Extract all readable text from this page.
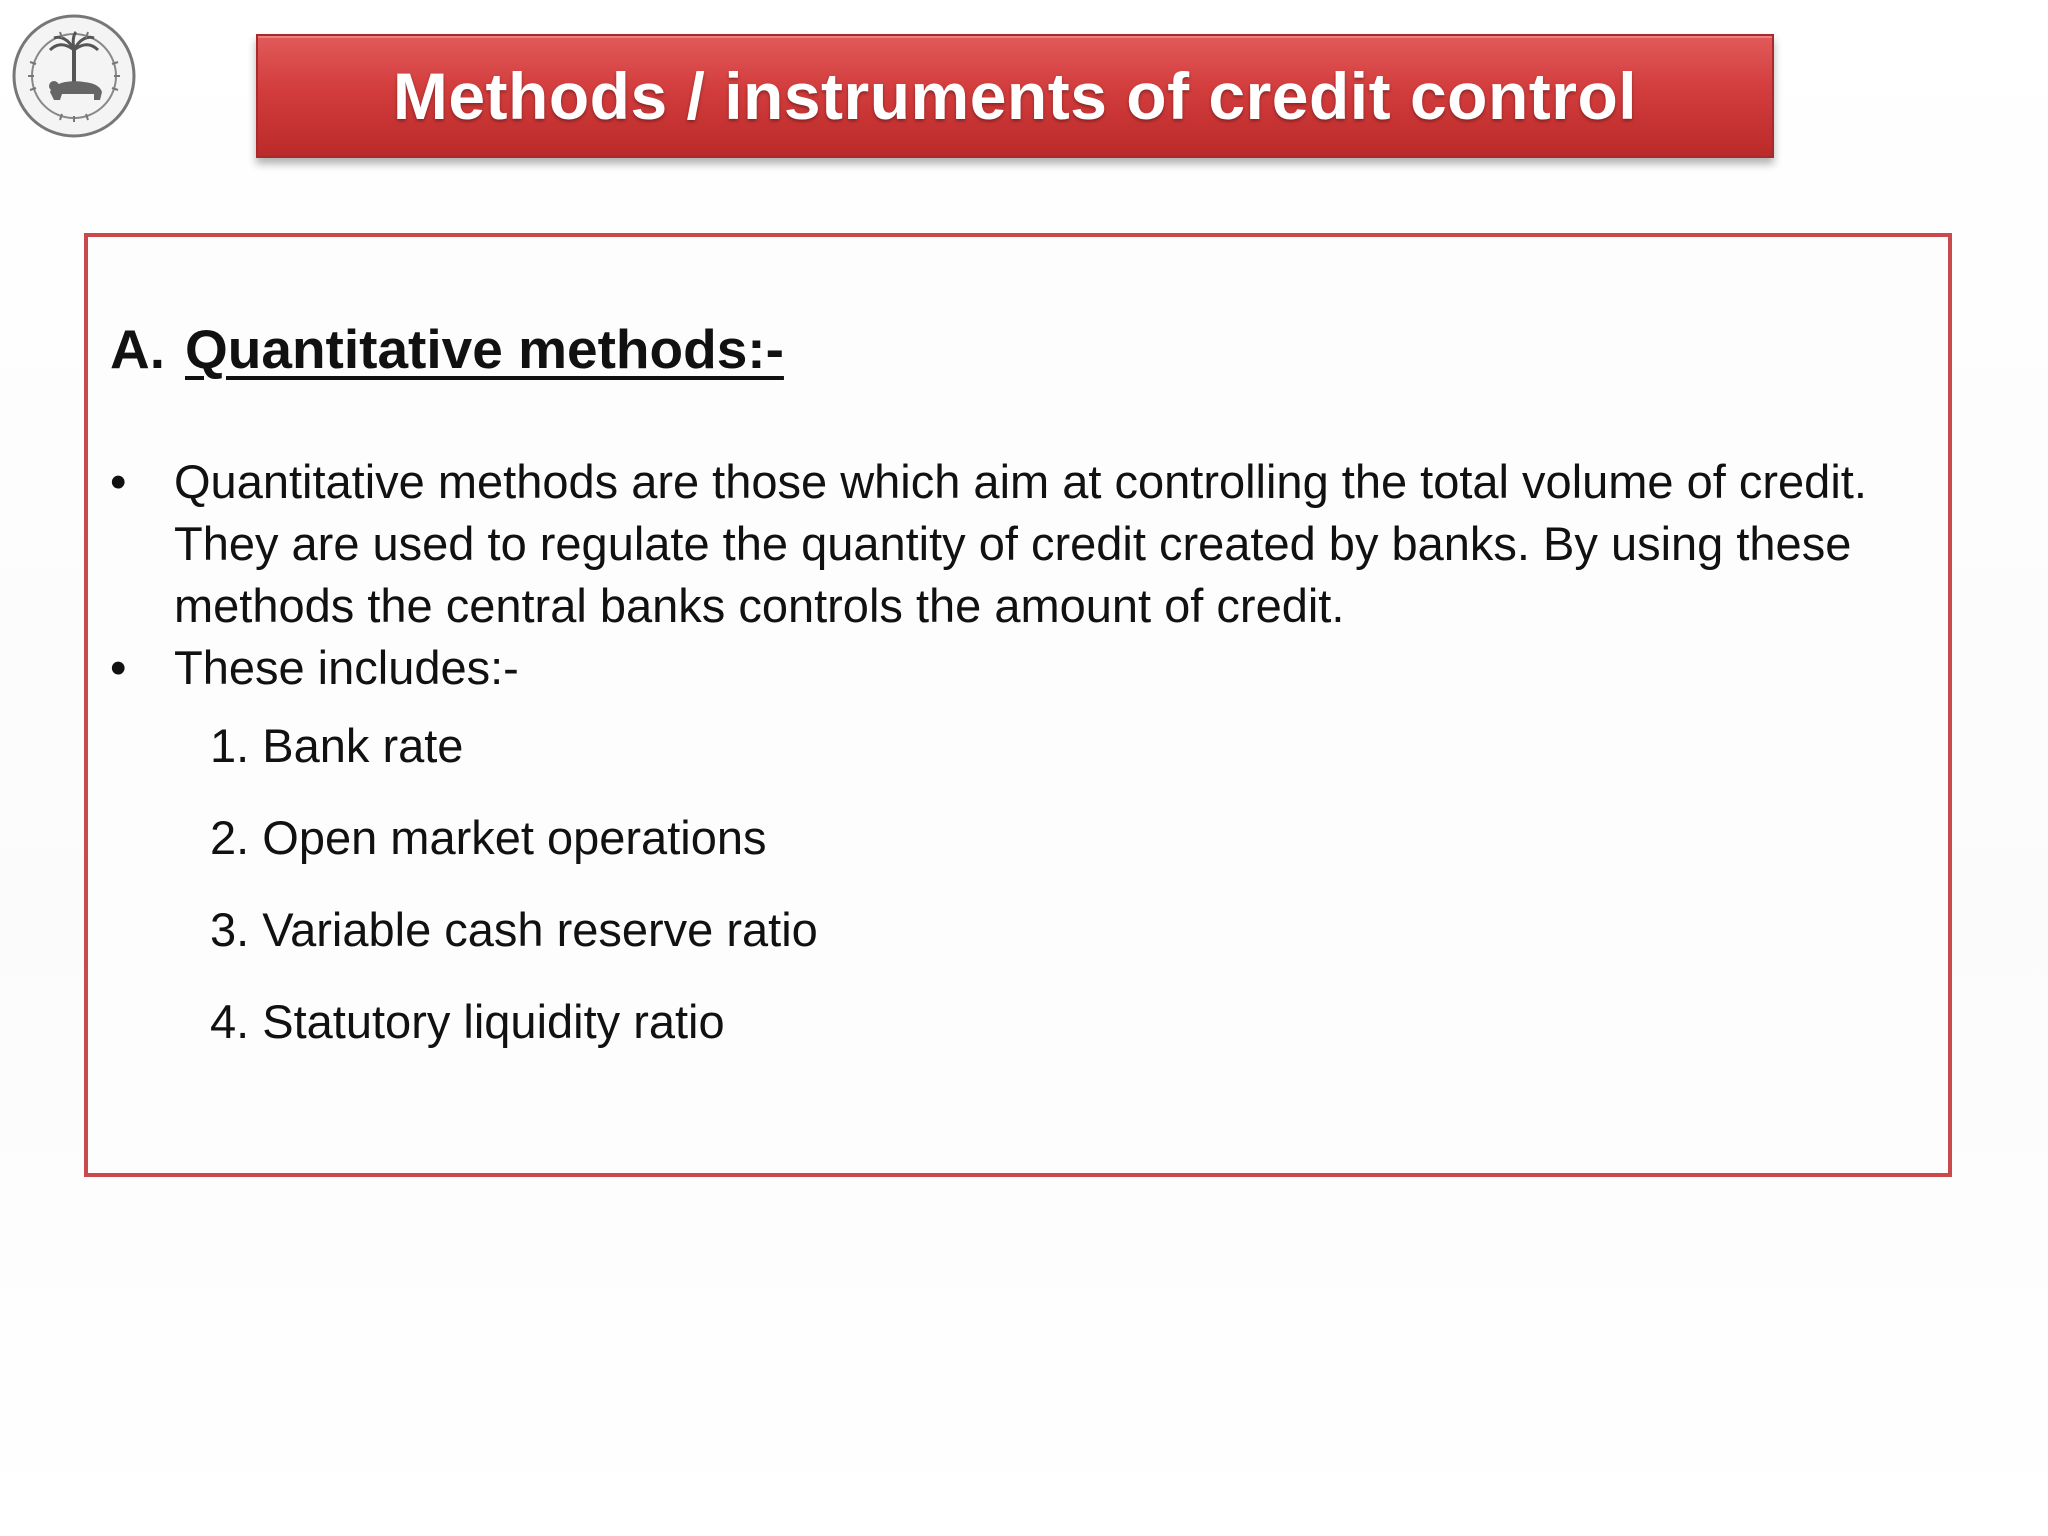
Methods / instruments of credit control
A. Quantitative methods:-
•	Quantitative methods are those which aim at controlling the total volume of credit. They are used to regulate the quantity of credit created by banks. By using these methods the central banks controls the amount of credit.
•	These includes:-
1. Bank rate
2. Open market operations
3. Variable cash reserve ratio
4. Statutory liquidity ratio
